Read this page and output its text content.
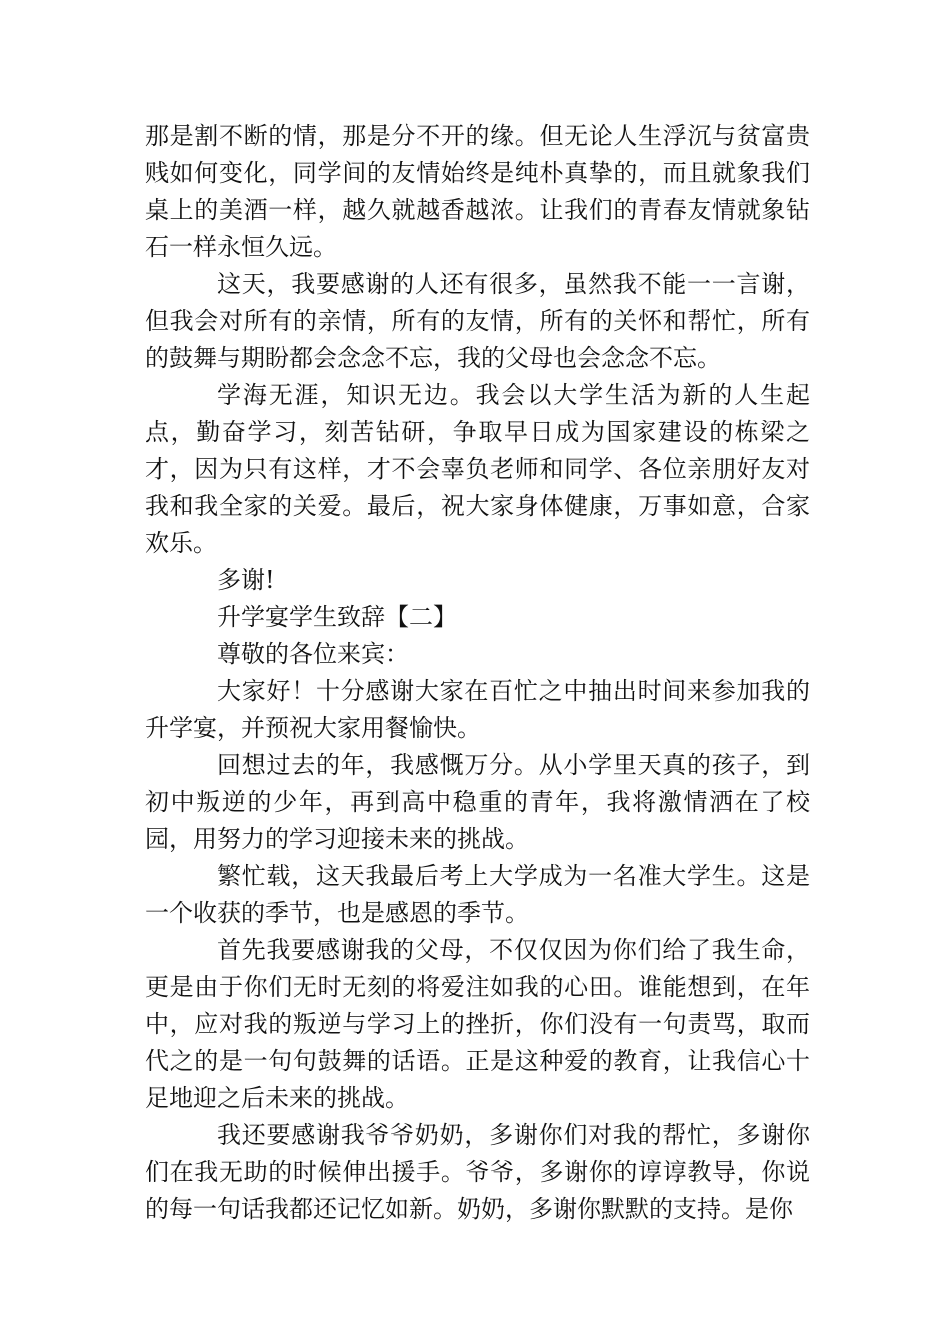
那是割不断的情，那是分不开的缘。但无论人生浮沉与贫富贵贱如何变化，同学间的友情始终是纯朴真挚的，而且就象我们桌上的美酒一样，越久就越香越浓。让我们的青春友情就象钻石一样永恒久远。

这天，我要感谢的人还有很多，虽然我不能一一言谢，但我会对所有的亲情，所有的友情，所有的关怀和帮忙，所有的鼓舞与期盼都会念念不忘，我的父母也会念念不忘。

学海无涯，知识无边。我会以大学生活为新的人生起点，勤奋学习，刻苦钻研，争取早日成为国家建设的栋梁之才，因为只有这样，才不会辜负老师和同学、各位亲朋好友对我和我全家的关爱。最后，祝大家身体健康，万事如意，合家欢乐。

多谢!

升学宴学生致辞【二】

尊敬的各位来宾：

大家好！十分感谢大家在百忙之中抽出时间来参加我的升学宴，并预祝大家用餐愉快。

回想过去的年，我感慨万分。从小学里天真的孩子，到初中叛逆的少年，再到高中稳重的青年，我将激情洒在了校园，用努力的学习迎接未来的挑战。

繁忙载，这天我最后考上大学成为一名准大学生。这是一个收获的季节，也是感恩的季节。

首先我要感谢我的父母，不仅仅因为你们给了我生命，更是由于你们无时无刻的将爱注如我的心田。谁能想到，在年中，应对我的叛逆与学习上的挫折，你们没有一句责骂，取而代之的是一句句鼓舞的话语。正是这种爱的教育，让我信心十足地迎之后未来的挑战。

我还要感谢我爷爷奶奶，多谢你们对我的帮忙，多谢你们在我无助的时候伸出援手。爷爷，多谢你的谆谆教导，你说的每一句话我都还记忆如新。奶奶，多谢你默默的支持。是你
